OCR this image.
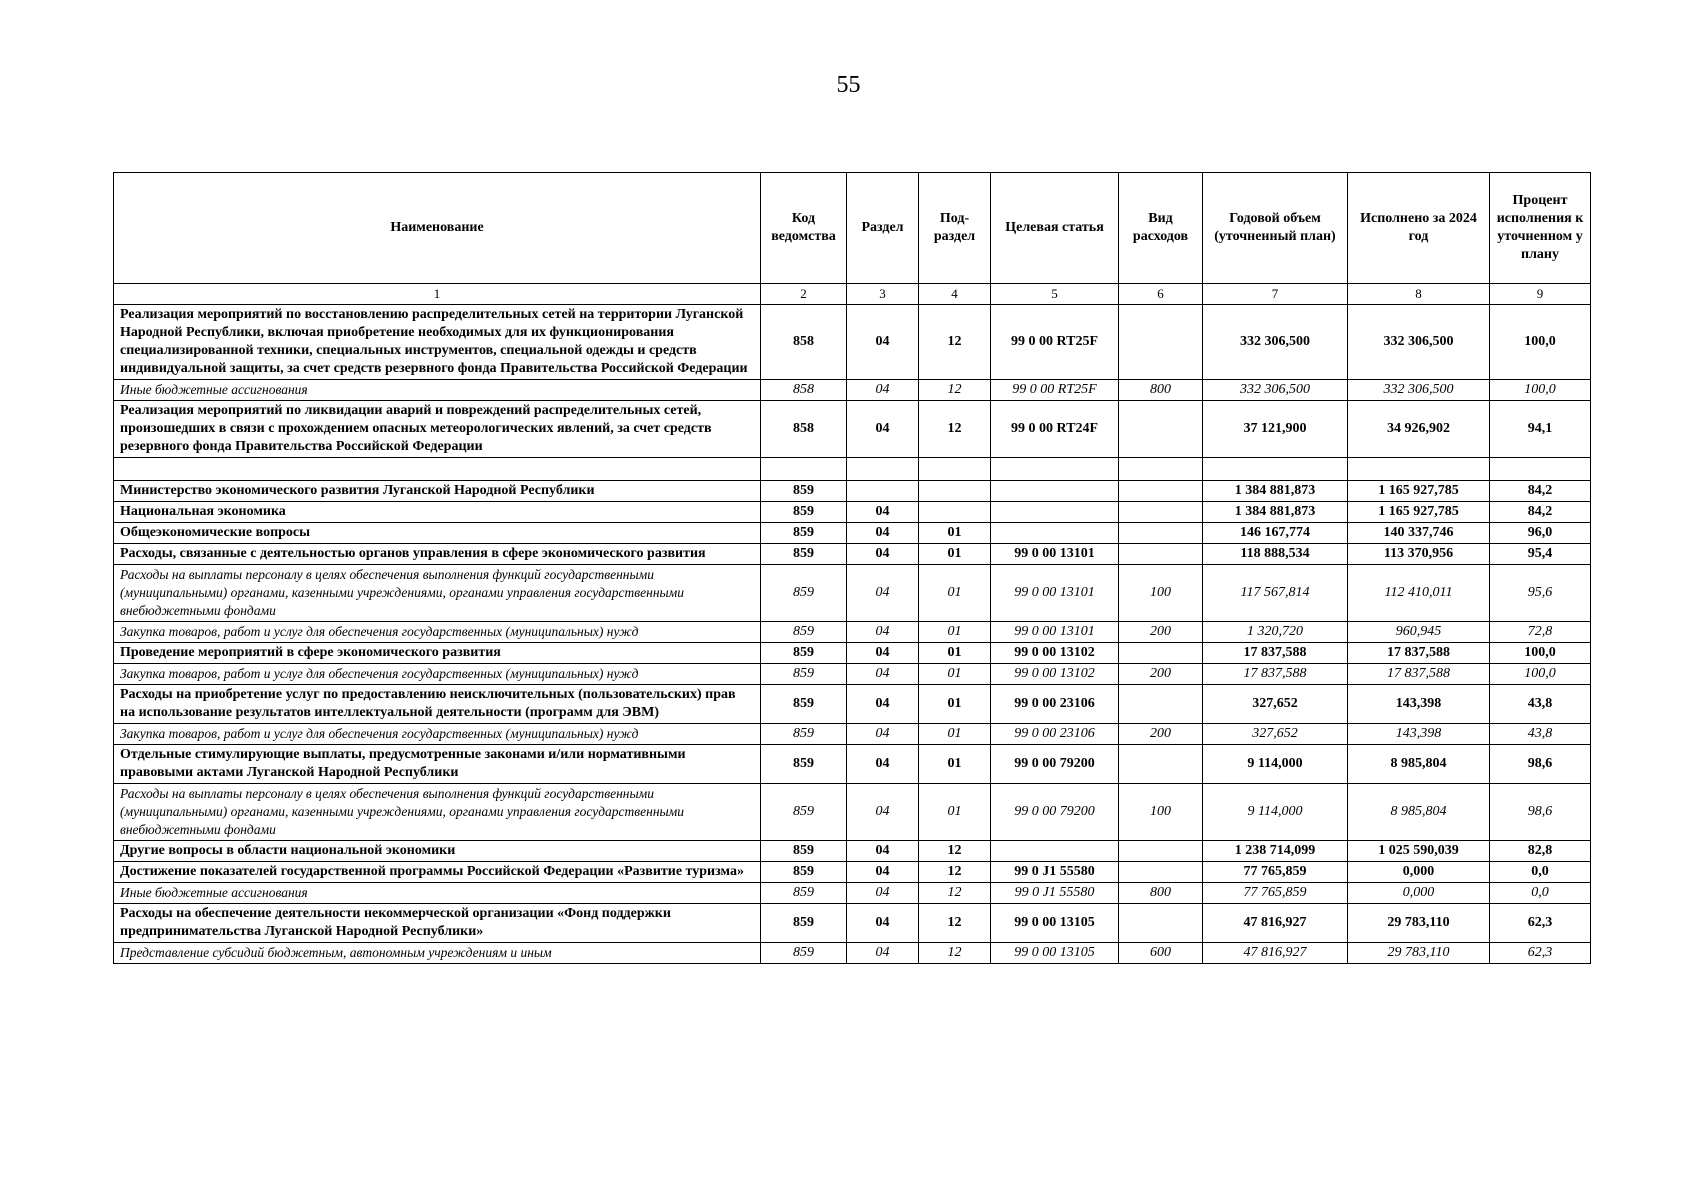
55
Наименование	Код ведомства	Раздел	Под- раздел	Целевая статья	Вид расходов	Годовой объем (уточненный план)	Исполнено за 2024 год	Процент исполнения к уточненном у плану
1	2	3	4	5	6	7	8	9
Реализация мероприятий по восстановлению распределительных сетей на территории Луганской Народной Республики, включая приобретение необходимых для их функционирования специализированной техники, специальных инструментов, специальной одежды и средств индивидуальной защиты, за счет средств резервного фонда Правительства Российской Федерации	858	04	12	99 0 00 RT25F		332 306,500	332 306,500	100,0
Иные бюджетные ассигнования	858	04	12	99 0 00 RT25F	800	332 306,500	332 306,500	100,0
Реализация мероприятий по ликвидации аварий и повреждений распределительных сетей, произошедших в связи с прохождением опасных метеорологических явлений, за счет средств резервного фонда Правительства Российской Федерации	858	04	12	99 0 00 RT24F		37 121,900	34 926,902	94,1

Министерство экономического развития Луганской Народной Республики	859					1 384 881,873	1 165 927,785	84,2
Национальная экономика	859	04				1 384 881,873	1 165 927,785	84,2
Общеэкономические вопросы	859	04	01			146 167,774	140 337,746	96,0
Расходы, связанные с деятельностью органов управления в сфере экономического развития	859	04	01	99 0 00 13101		118 888,534	113 370,956	95,4
Расходы на выплаты персоналу в целях обеспечения выполнения функций государственными (муниципальными) органами, казенными учреждениями, органами управления государственными внебюджетными фондами	859	04	01	99 0 00 13101	100	117 567,814	112 410,011	95,6
Закупка товаров, работ и услуг для обеспечения государственных (муниципальных) нужд	859	04	01	99 0 00 13101	200	1 320,720	960,945	72,8
Проведение мероприятий в сфере экономического развития	859	04	01	99 0 00 13102		17 837,588	17 837,588	100,0
Закупка товаров, работ и услуг для обеспечения государственных (муниципальных) нужд	859	04	01	99 0 00 13102	200	17 837,588	17 837,588	100,0
Расходы на приобретение услуг по предоставлению неисключительных (пользовательских) прав на использование результатов интеллектуальной деятельности (программ для ЭВМ)	859	04	01	99 0 00 23106		327,652	143,398	43,8
Закупка товаров, работ и услуг для обеспечения государственных (муниципальных) нужд	859	04	01	99 0 00 23106	200	327,652	143,398	43,8
Отдельные стимулирующие выплаты, предусмотренные законами и/или нормативными правовыми актами Луганской Народной Республики	859	04	01	99 0 00 79200		9 114,000	8 985,804	98,6
Расходы на выплаты персоналу в целях обеспечения выполнения функций государственными (муниципальными) органами, казенными учреждениями, органами управления государственными внебюджетными фондами	859	04	01	99 0 00 79200	100	9 114,000	8 985,804	98,6
Другие вопросы в области национальной экономики	859	04	12			1 238 714,099	1 025 590,039	82,8
Достижение показателей государственной программы Российской Федерации «Развитие туризма»	859	04	12	99 0 J1 55580		77 765,859	0,000	0,0
Иные бюджетные ассигнования	859	04	12	99 0 J1 55580	800	77 765,859	0,000	0,0
Расходы на обеспечение деятельности некоммерческой организации «Фонд поддержки предпринимательства Луганской Народной Республики»	859	04	12	99 0 00 13105		47 816,927	29 783,110	62,3
Представление субсидий бюджетным, автономным учреждениям и иным	859	04	12	99 0 00 13105	600	47 816,927	29 783,110	62,3
